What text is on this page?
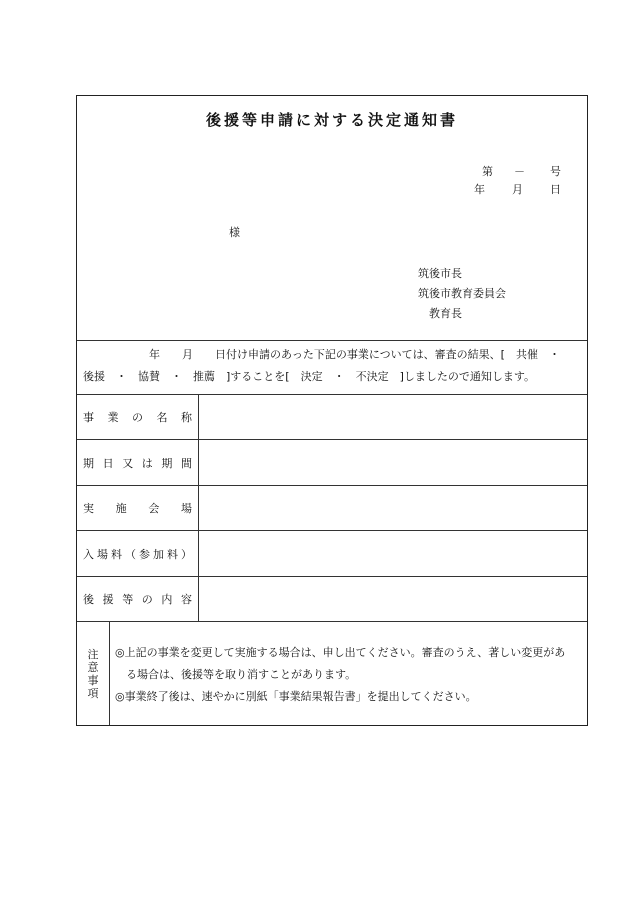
後援等申請に対する決定通知書
第 － 号
年 月 日
様
筑後市長
筑後市教育委員会
教育長
　　　　　　年　　月　　日付け申請のあった下記の事業については、審査の結果、[　共催　・
後援　・　協賛　・　推薦　]することを[　決定　・　不決定　]しましたので通知します。
事 業 の 名 称
期 日 又 は 期 間
実 施 会 場
入 場 料 （ 参 加 料 ）
後 援 等 の 内 容
注
意
事
項
◎上記の事業を変更して実施する場合は、申し出てください。審査のうえ、著しい変更があ
る場合は、後援等を取り消すことがあります。
◎事業終了後は、速やかに別紙「事業結果報告書」を提出してください。
